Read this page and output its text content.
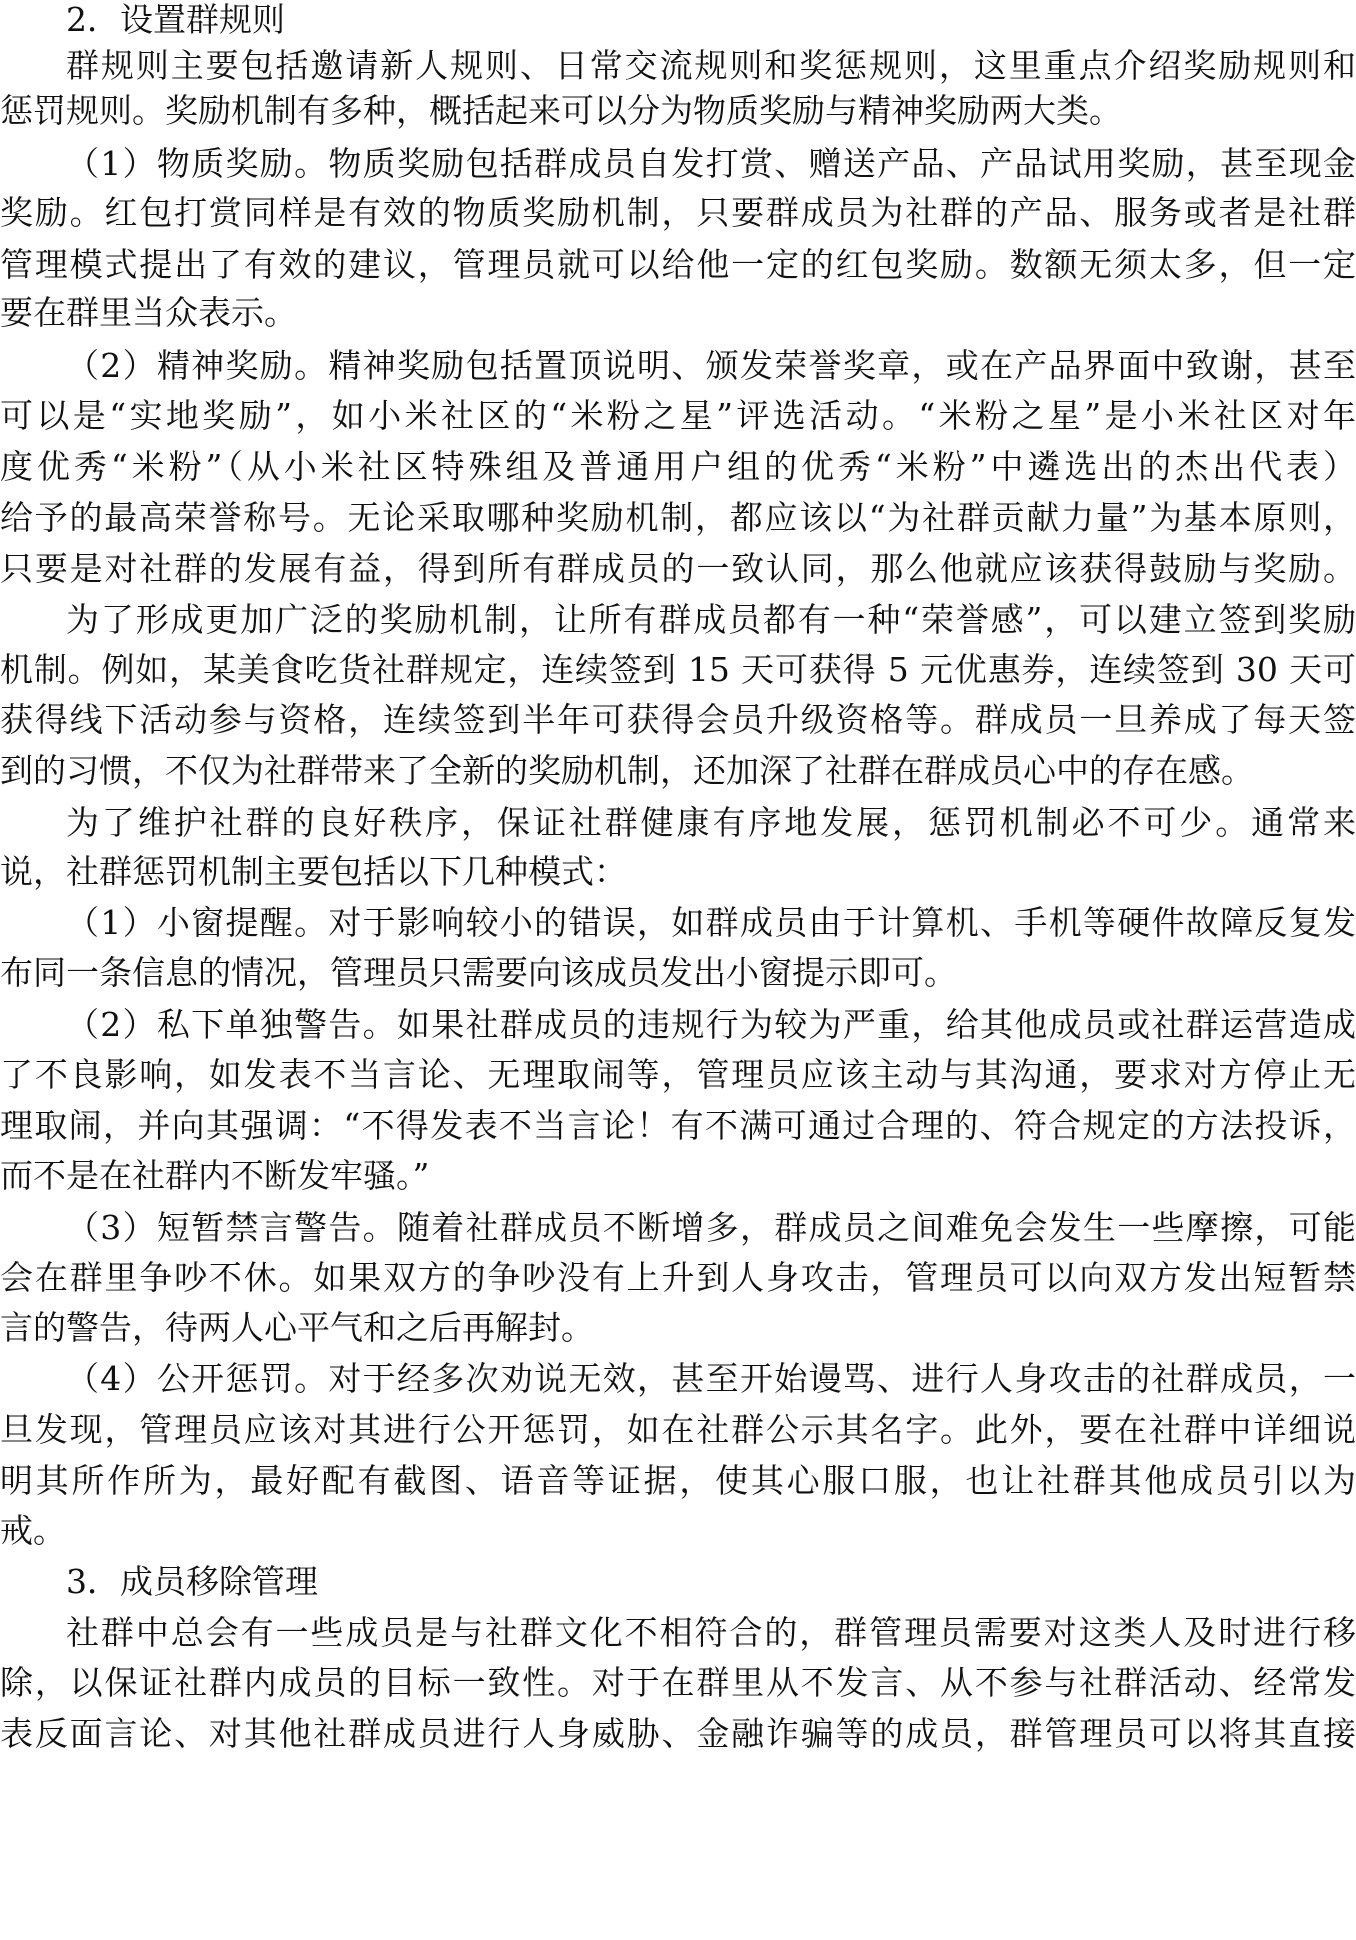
2．设置群规则
群规则主要包括邀请新人规则、日常交流规则和奖惩规则，这里重点介绍奖励规则和
惩罚规则。奖励机制有多种，概括起来可以分为物质奖励与精神奖励两大类。
（1）物质奖励。物质奖励包括群成员自发打赏、赠送产品、产品试用奖励，甚至现金
奖励。红包打赏同样是有效的物质奖励机制，只要群成员为社群的产品、服务或者是社群
管理模式提出了有效的建议，管理员就可以给他一定的红包奖励。数额无须太多，但一定
要在群里当众表示。
（2）精神奖励。精神奖励包括置顶说明、颁发荣誉奖章，或在产品界面中致谢，甚至
可以是“实地奖励”，如小米社区的“米粉之星”评选活动。“米粉之星”是小米社区对年
度优秀“米粉”（从小米社区特殊组及普通用户组的优秀“米粉”中遴选出的杰出代表）
给予的最高荣誉称号。无论采取哪种奖励机制，都应该以“为社群贡献力量”为基本原则，
只要是对社群的发展有益，得到所有群成员的一致认同，那么他就应该获得鼓励与奖励。
为了形成更加广泛的奖励机制，让所有群成员都有一种“荣誉感”，可以建立签到奖励
机制。例如，某美食吃货社群规定，连续签到 15 天可获得 5 元优惠券，连续签到 30 天可
获得线下活动参与资格，连续签到半年可获得会员升级资格等。群成员一旦养成了每天签
到的习惯，不仅为社群带来了全新的奖励机制，还加深了社群在群成员心中的存在感。
为了维护社群的良好秩序，保证社群健康有序地发展，惩罚机制必不可少。通常来
说，社群惩罚机制主要包括以下几种模式：
（1）小窗提醒。对于影响较小的错误，如群成员由于计算机、手机等硬件故障反复发
布同一条信息的情况，管理员只需要向该成员发出小窗提示即可。
（2）私下单独警告。如果社群成员的违规行为较为严重，给其他成员或社群运营造成
了不良影响，如发表不当言论、无理取闹等，管理员应该主动与其沟通，要求对方停止无
理取闹，并向其强调：“不得发表不当言论！有不满可通过合理的、符合规定的方法投诉，
而不是在社群内不断发牢骚。”
（3）短暂禁言警告。随着社群成员不断增多，群成员之间难免会发生一些摩擦，可能
会在群里争吵不休。如果双方的争吵没有上升到人身攻击，管理员可以向双方发出短暂禁
言的警告，待两人心平气和之后再解封。
（4）公开惩罚。对于经多次劝说无效，甚至开始谩骂、进行人身攻击的社群成员，一
旦发现，管理员应该对其进行公开惩罚，如在社群公示其名字。此外，要在社群中详细说
明其所作所为，最好配有截图、语音等证据，使其心服口服，也让社群其他成员引以为
戒。
3．成员移除管理
社群中总会有一些成员是与社群文化不相符合的，群管理员需要对这类人及时进行移
除，以保证社群内成员的目标一致性。对于在群里从不发言、从不参与社群活动、经常发
表反面言论、对其他社群成员进行人身威胁、金融诈骗等的成员，群管理员可以将其直接
